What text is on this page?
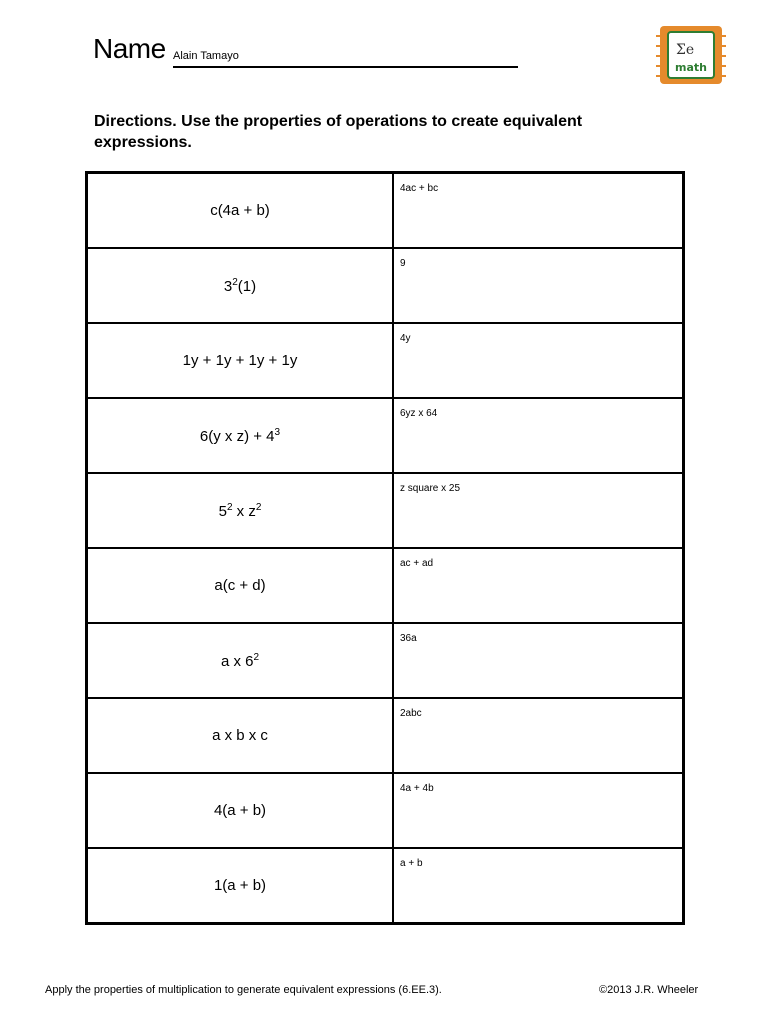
Name Alain Tamayo	Σe
math
Directions. Use the properties of operations to create equivalent expressions.
c(4a + b)	4ac + bc

$3^2(1)$	9

1y + 1y + 1y + 1y	4y

6(y x $z) + 4^3$	6yz x 64

$5^2$ x $z^2$	z square x 25

a(c + d)	ac + ad

a x $6^2$	36a

a x b x c	2abc

4(a + b)	4a + 4b

1(a + b)	a + b
Apply the properties of multiplication to generate equivalent expressions (6.EE.3).	©2013 J.R. Wheeler
